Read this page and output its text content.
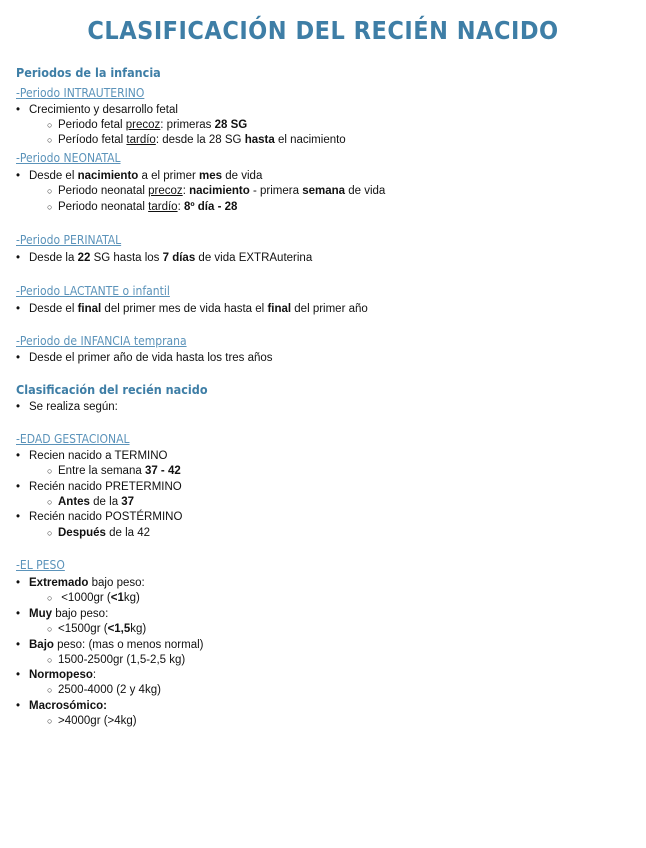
CLASIFICACIÓN DEL RECIÉN NACIDO
Periodos de la infancia
-Periodo INTRAUTERINO
• Crecimiento y desarrollo fetal
○ Periodo fetal precoz: primeras 28 SG
○ Período fetal tardío: desde la 28 SG hasta el nacimiento
-Periodo NEONATAL
• Desde el nacimiento a el primer mes de vida
○ Periodo neonatal precoz: nacimiento - primera semana de vida
○ Periodo neonatal tardío: 8º día - 28
-Periodo PERINATAL
• Desde la 22 SG hasta los 7 días de vida EXTRAuterina
-Periodo LACTANTE o infantil
• Desde el final del primer mes de vida hasta el final del primer año
-Periodo de INFANCIA temprana
• Desde el primer año de vida hasta los tres años
Clasificación del recién nacido
• Se realiza según:
-EDAD GESTACIONAL
• Recien nacido a TERMINO
○ Entre la semana 37 - 42
• Recién nacido PRETERMINO
○ Antes de la 37
• Recién nacido POSTÉRMINO
○ Después de la 42
-EL PESO
• Extremado bajo peso:
○ <1000gr (<1kg)
• Muy bajo peso:
○ <1500gr (<1,5kg)
• Bajo peso: (mas o menos normal)
○ 1500-2500gr (1,5-2,5 kg)
• Normopeso:
○ 2500-4000 (2 y 4kg)
• Macrosómico:
○ >4000gr (>4kg)
